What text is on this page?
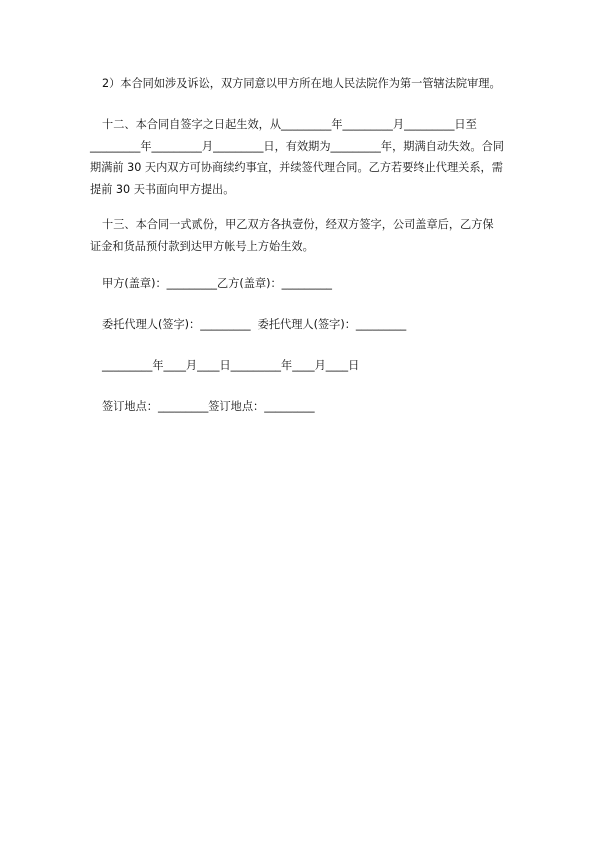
2）本合同如涉及诉讼，双方同意以甲方所在地人民法院作为第一管辖法院审理。
十二、本合同自签字之日起生效，从_________年_________月_________日至
_________年_________月_________日，有效期为_________年，期满自动失效。合同
期满前 30 天内双方可协商续约事宜，并续签代理合同。乙方若要终止代理关系，需
提前 30 天书面向甲方提出。
十三、本合同一式贰份，甲乙双方各执壹份，经双方签字，公司盖章后，乙方保
证金和货品预付款到达甲方帐号上方始生效。
甲方(盖章)：_________乙方(盖章)：_________
委托代理人(签字)：_________  委托代理人(签字)：_________
_________年____月____日_________年____月____日
签订地点：_________签订地点：_________
